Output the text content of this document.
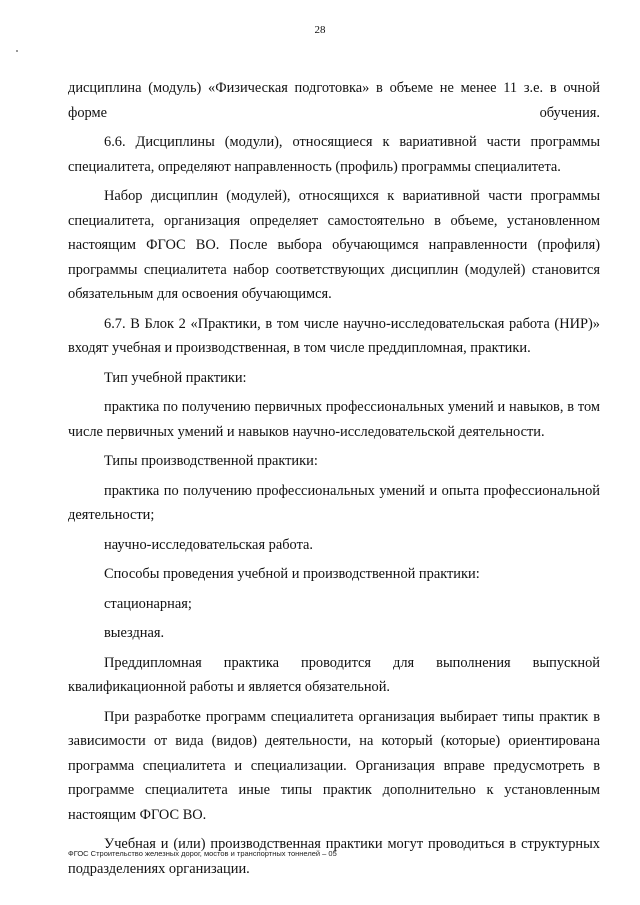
28

дисциплина (модуль) «Физическая подготовка» в объеме не менее 11 з.е. в очной форме обучения.

6.6. Дисциплины (модули), относящиеся к вариативной части программы специалитета, определяют направленность (профиль) программы специалитета.

Набор дисциплин (модулей), относящихся к вариативной части программы специалитета, организация определяет самостоятельно в объеме, установленном настоящим ФГОС ВО. После выбора обучающимся направленности (профиля) программы специалитета набор соответствующих дисциплин (модулей) становится обязательным для освоения обучающимся.

6.7. В Блок 2 «Практики, в том числе научно-исследовательская работа (НИР)» входят учебная и производственная, в том числе преддипломная, практики.

Тип учебной практики:

практика по получению первичных профессиональных умений и навыков, в том числе первичных умений и навыков научно-исследовательской деятельности.

Типы производственной практики:

практика по получению профессиональных умений и опыта профессиональной деятельности;

научно-исследовательская работа.

Способы проведения учебной и производственной практики:

стационарная;

выездная.

Преддипломная практика проводится для выполнения выпускной квалификационной работы и является обязательной.

При разработке программ специалитета организация выбирает типы практик в зависимости от вида (видов) деятельности, на который (которые) ориентирована программа специалитета и специализации. Организация вправе предусмотреть в программе специалитета иные типы практик дополнительно к установленным настоящим ФГОС ВО.

Учебная и (или) производственная практики могут проводиться в структурных подразделениях организации.

ФГОС Строительство железных дорог, мостов и транспортных тоннелей – 05
